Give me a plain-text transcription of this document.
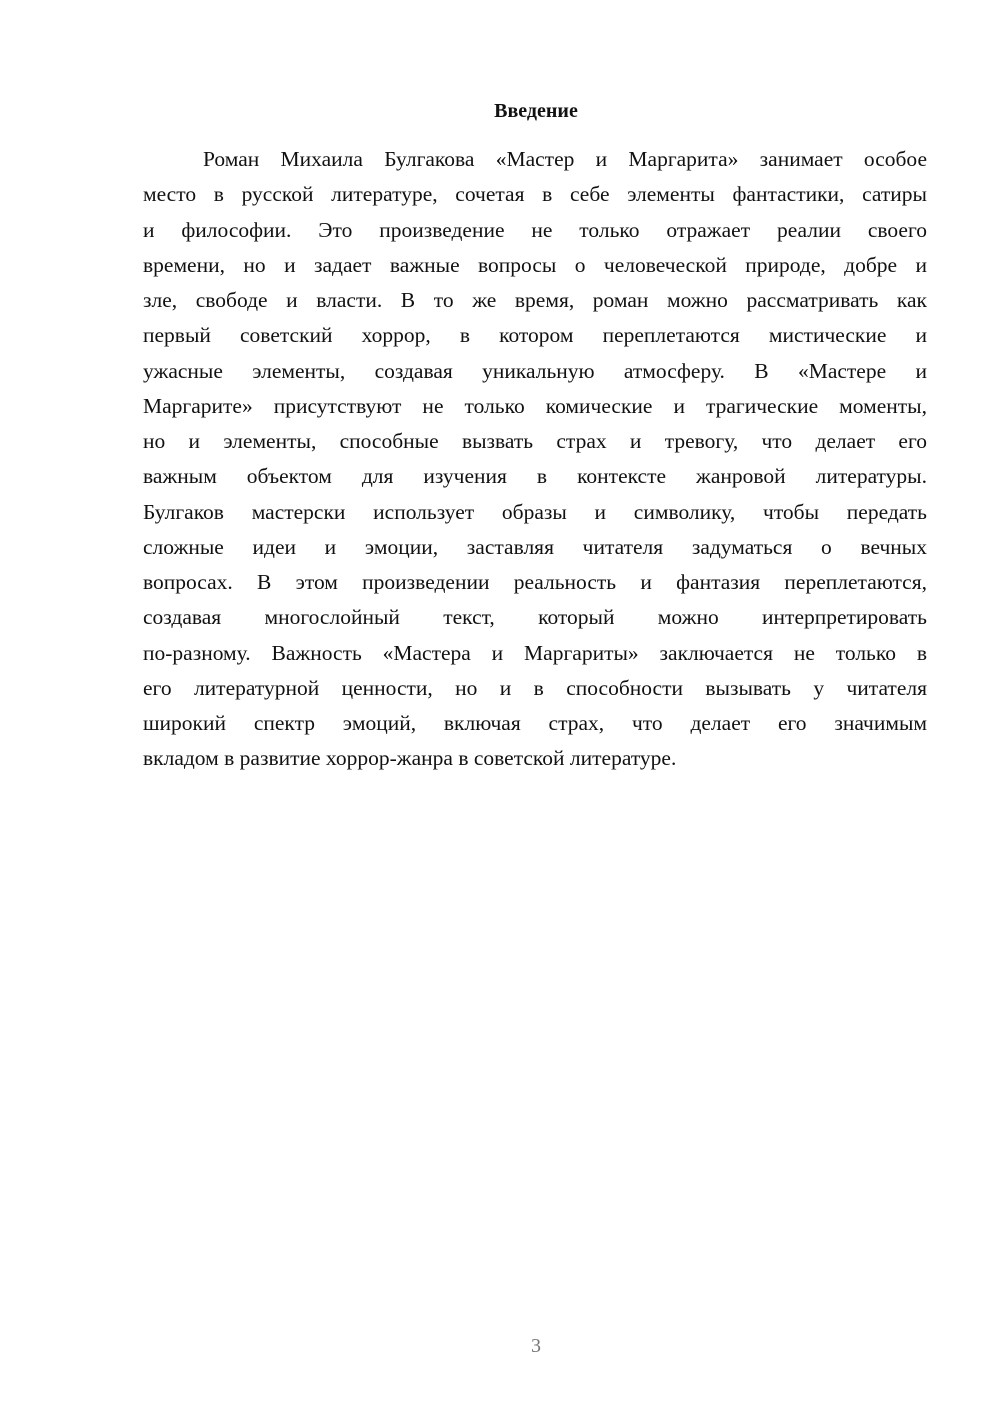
Введение
Роман Михаила Булгакова «Мастер и Маргарита» занимает особое
место в русской литературе, сочетая в себе элементы фантастики, сатиры
и философии. Это произведение не только отражает реалии своего
времени, но и задает важные вопросы о человеческой природе, добре и
зле, свободе и власти. В то же время, роман можно рассматривать как
первый советский хоррор, в котором переплетаются мистические и
ужасные элементы, создавая уникальную атмосферу. В «Мастере и
Маргарите» присутствуют не только комические и трагические моменты,
но и элементы, способные вызвать страх и тревогу, что делает его
важным объектом для изучения в контексте жанровой литературы.
Булгаков мастерски использует образы и символику, чтобы передать
сложные идеи и эмоции, заставляя читателя задуматься о вечных
вопросах. В этом произведении реальность и фантазия переплетаются,
создавая многослойный текст, который можно интерпретировать
по-разному. Важность «Мастера и Маргариты» заключается не только в
его литературной ценности, но и в способности вызывать у читателя
широкий спектр эмоций, включая страх, что делает его значимым
вкладом в развитие хоррор-жанра в советской литературе.
3
